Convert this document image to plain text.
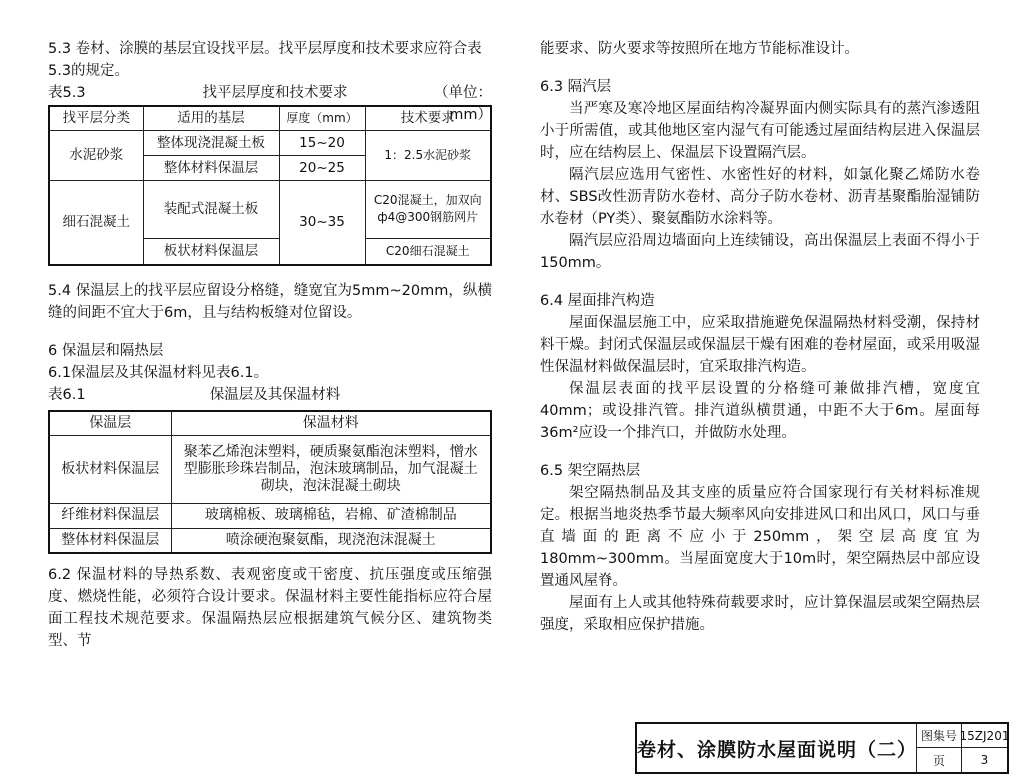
5.3 卷材、涂膜的基层宜设找平层。找平层厚度和技术要求应符合表

5.3的规定。

表5.3	找平层厚度和技术要求	（单位：mm）
找平层分类	适用的基层	厚度（mm）	技术要求
水泥砂浆	整体现浇混凝土板	15~20	1：2.5水泥砂浆
	整体材料保温层	20~25	
细石混凝土	装配式混凝土板	30~35	C20混凝土，加双向
ф4@300钢筋网片

	板状材料保温层		C20细石混凝土

5.4 保温层上的找平层应留设分格缝，缝宽宜为5mm~20mm，纵横缝的间距不宜大于6m，且与结构板缝对位留设。

6 保温层和隔热层

6.1保温层及其保温材料见表6.1。

表6.1	保温层及其保温材料
保温层	保温材料
板状材料保温层	聚苯乙烯泡沫塑料，硬质聚氨酯泡沫塑料，憎水
型膨胀珍珠岩制品，泡沫玻璃制品，加气混凝土
砌块，泡沫混凝土砌块

纤维材料保温层	玻璃棉板、玻璃棉毡，岩棉、矿渣棉制品
整体材料保温层	喷涂硬泡聚氨酯，现浇泡沫混凝土

6.2 保温材料的导热系数、表观密度或干密度、抗压强度或压缩强度、燃烧性能，必须符合设计要求。保温材料主要性能指标应符合屋面工程技术规范要求。保温隔热层应根据建筑气候分区、建筑物类型、节

能要求、防火要求等按照所在地方节能标准设计。

6.3 隔汽层

当严寒及寒冷地区屋面结构冷凝界面内侧实际具有的蒸汽渗透阻小于所需值，或其他地区室内湿气有可能透过屋面结构层进入保温层时，应在结构层上、保温层下设置隔汽层。

隔汽层应选用气密性、水密性好的材料，如氯化聚乙烯防水卷材、SBS改性沥青防水卷材、高分子防水卷材、沥青基聚酯胎湿铺防水卷材（PY类）、聚氨酯防水涂料等。

隔汽层应沿周边墙面向上连续铺设，高出保温层上表面不得小于150mm。

6.4 屋面排汽构造

屋面保温层施工中，应采取措施避免保温隔热材料受潮，保持材料干燥。封闭式保温层或保温层干燥有困难的卷材屋面，或采用吸湿性保温材料做保温层时，宜采取排汽构造。

保温层表面的找平层设置的分格缝可兼做排汽槽，宽度宜40mm；或设排汽管。排汽道纵横贯通，中距不大于6m。屋面每36m²应设一个排汽口，并做防水处理。

6.5 架空隔热层

架空隔热制品及其支座的质量应符合国家现行有关材料标准规定。根据当地炎热季节最大频率风向安排进风口和出风口，风口与垂直墙面的距离不应小于250mm，架空层高度宜为180mm~300mm。当屋面宽度大于10m时，架空隔热层中部应设置通风屋脊。

屋面有上人或其他特殊荷载要求时，应计算保温层或架空隔热层强度，采取相应保护措施。

卷材、涂膜防水屋面说明（二）
图集号 15ZJ201
页	3
